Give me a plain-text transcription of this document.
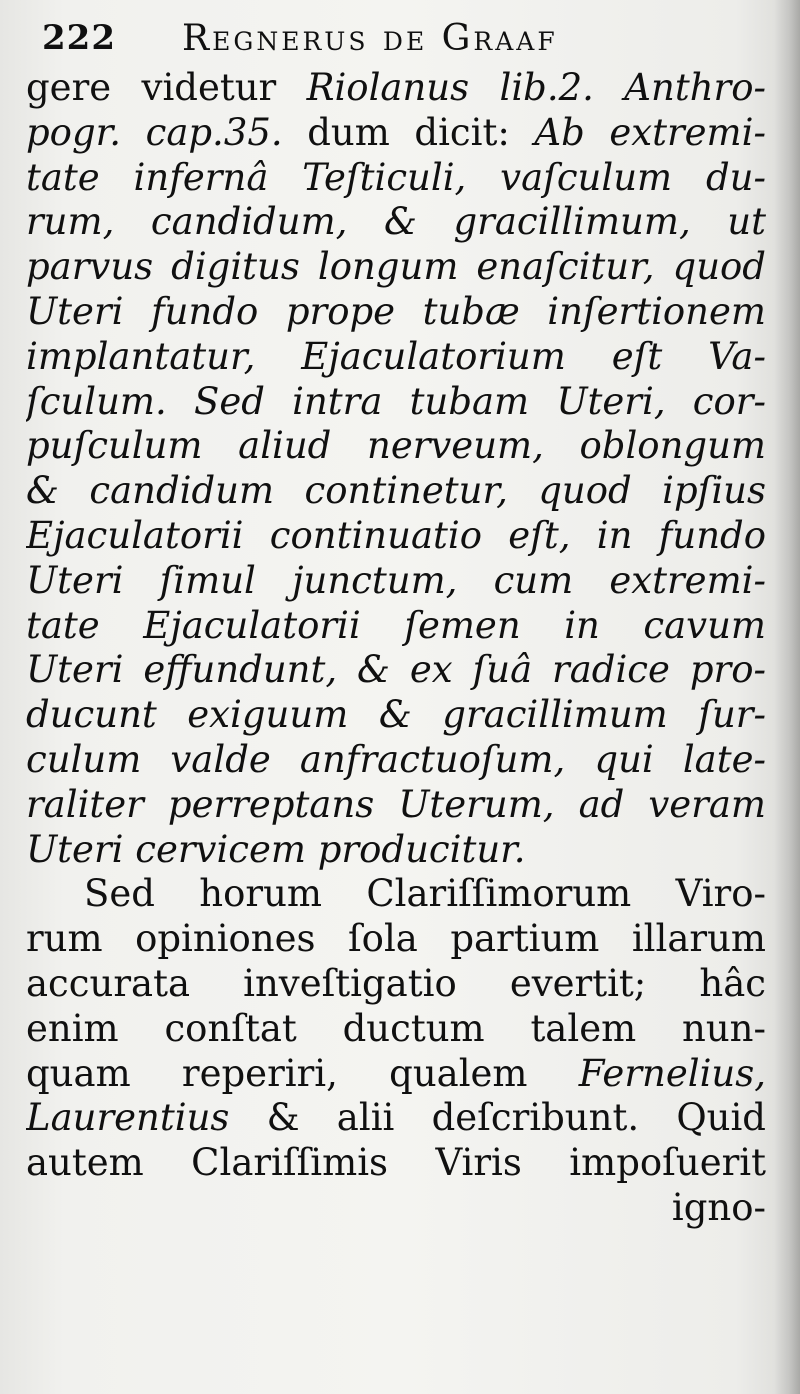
222 Regnerus de Graaf
gere videtur Riolanus lib.2. Anthro-
pogr. cap.35. dum dicit: Ab extremi-
tate infernâ Teſticuli, vaſculum du-
rum, candidum, & gracillimum, ut
parvus digitus longum enaſcitur, quod
Uteri fundo prope tubæ inſertionem
implantatur, Ejaculatorium eſt Va-
ſculum. Sed intra tubam Uteri, cor-
puſculum aliud nerveum, oblongum
& candidum continetur, quod ipſius
Ejaculatorii continuatio eſt, in fundo
Uteri ſimul junctum, cum extremi-
tate Ejaculatorii ſemen in cavum
Uteri effundunt, & ex ſuâ radice pro-
ducunt exiguum & gracillimum ſur-
culum valde anfractuoſum, qui late-
raliter perreptans Uterum, ad veram
Uteri cervicem producitur.
Sed horum Clariſſimorum Viro-
rum opiniones ſola partium illarum
accurata inveſtigatio evertit; hâc
enim conſtat ductum talem nun-
quam reperiri, qualem Fernelius,
Laurentius & alii deſcribunt. Quid
autem Clariſſimis Viris impoſuerit
igno-
